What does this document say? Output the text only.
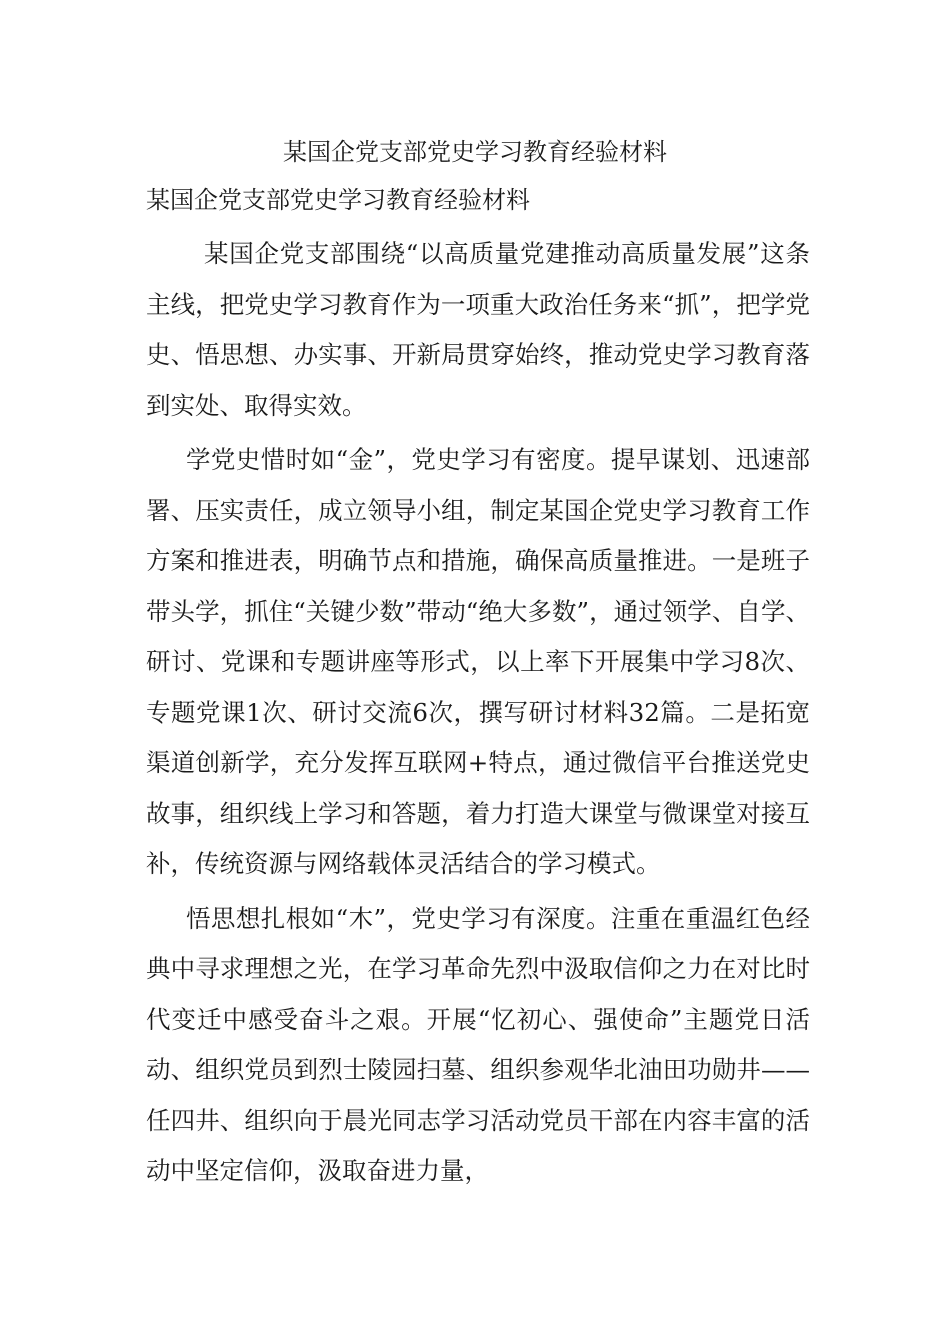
某国企党支部党史学习教育经验材料
某国企党支部党史学习教育经验材料

某国企党支部围绕“以高质量党建推动高质量发展”这条主线，把党史学习教育作为一项重大政治任务来“抓”，把学党史、悟思想、办实事、开新局贯穿始终，推动党史学习教育落到实处、取得实效。

学党史惜时如“金”，党史学习有密度。提早谋划、迅速部署、压实责任，成立领导小组，制定某国企党史学习教育工作方案和推进表，明确节点和措施，确保高质量推进。一是班子带头学，抓住“关键少数”带动“绝大多数”，通过领学、自学、研讨、党课和专题讲座等形式，以上率下开展集中学习8次、专题党课1次、研讨交流6次，撰写研讨材料32篇。二是拓宽渠道创新学，充分发挥互联网+特点，通过微信平台推送党史故事，组织线上学习和答题，着力打造大课堂与微课堂对接互补，传统资源与网络载体灵活结合的学习模式。

悟思想扎根如“木”，党史学习有深度。注重在重温红色经典中寻求理想之光，在学习革命先烈中汲取信仰之力在对比时代变迁中感受奋斗之艰。开展“忆初心、强使命”主题党日活动、组织党员到烈士陵园扫墓、组织参观华北油田功勋井——任四井、组织向于晨光同志学习活动党员干部在内容丰富的活动中坚定信仰，汲取奋进力量，
